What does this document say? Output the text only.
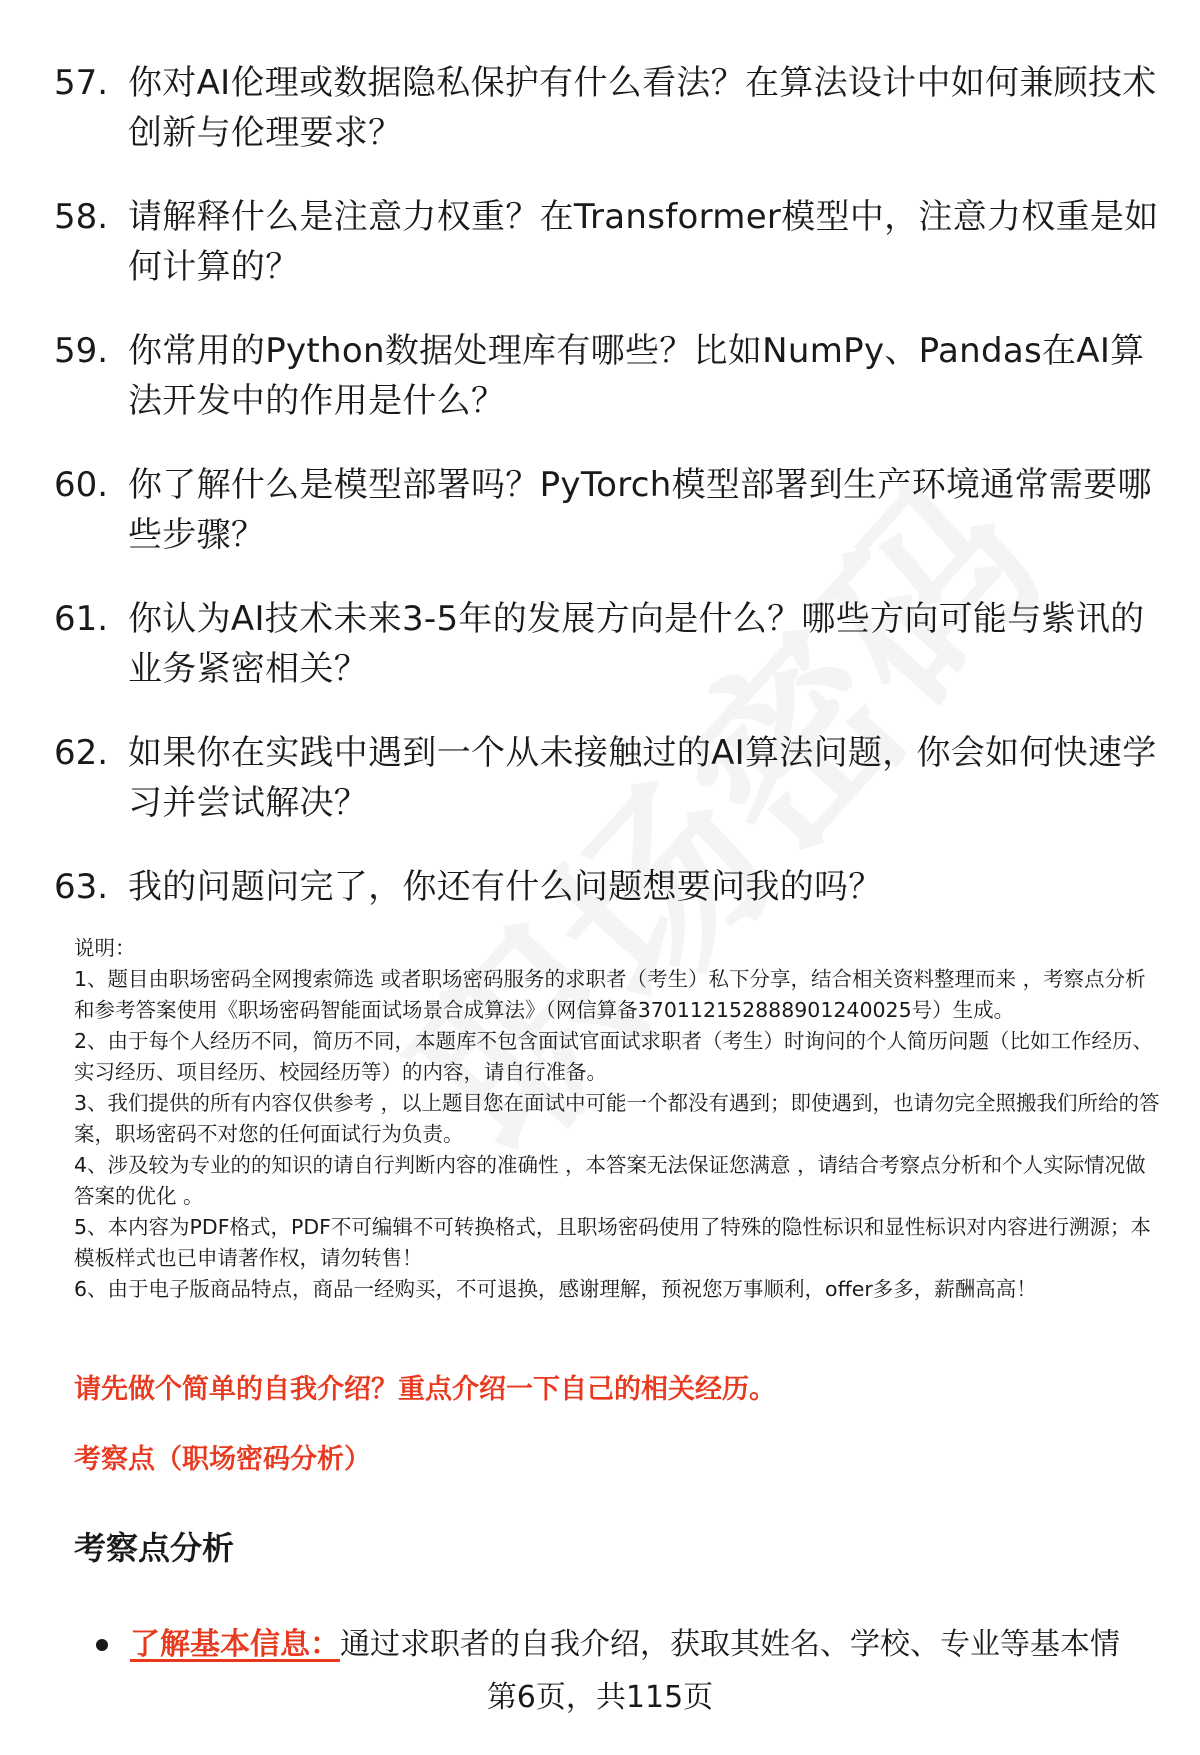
57. 你对AI伦理或数据隐私保护有什么看法？在算法设计中如何兼顾技术创新与伦理要求？
58. 请解释什么是注意力权重？在Transformer模型中，注意力权重是如何计算的？
59. 你常用的Python数据处理库有哪些？比如NumPy、Pandas在AI算法开发中的作用是什么？
60. 你了解什么是模型部署吗？PyTorch模型部署到生产环境通常需要哪些步骤？
61. 你认为AI技术未来3-5年的发展方向是什么？哪些方向可能与紫讯的业务紧密相关？
62. 如果你在实践中遇到一个从未接触过的AI算法问题，你会如何快速学习并尝试解决？
63. 我的问题问完了，你还有什么问题想要问我的吗？

说明：

1、题目由职场密码全网搜索筛选 或者职场密码服务的求职者（考生）私下分享，结合相关资料整理而来 ，考察点分析和参考答案使用《职场密码智能面试场景合成算法》（网信算备370112152888901240025号）生成。

2、由于每个人经历不同，简历不同，本题库不包含面试官面试求职者（考生）时询问的个人简历问题（比如工作经历、实习经历、项目经历、校园经历等）的内容，请自行准备。

3、我们提供的所有内容仅供参考 ，以上题目您在面试中可能一个都没有遇到；即使遇到，也请勿完全照搬我们所给的答案，职场密码不对您的任何面试行为负责。

4、涉及较为专业的的知识的请自行判断内容的准确性 ，本答案无法保证您满意 ，请结合考察点分析和个人实际情况做答案的优化 。

5、本内容为PDF格式，PDF不可编辑不可转换格式，且职场密码使用了特殊的隐性标识和显性标识对内容进行溯源；本模板样式也已申请著作权，请勿转售！

6、由于电子版商品特点，商品一经购买，不可退换，感谢理解，预祝您万事顺利，offer多多，薪酬高高！

请先做个简单的自我介绍？重点介绍一下自己的相关经历。
考察点（职场密码分析）
考察点分析
了解基本信息：通过求职者的自我介绍，获取其姓名、学校、专业等基本情
第6页，共115页
